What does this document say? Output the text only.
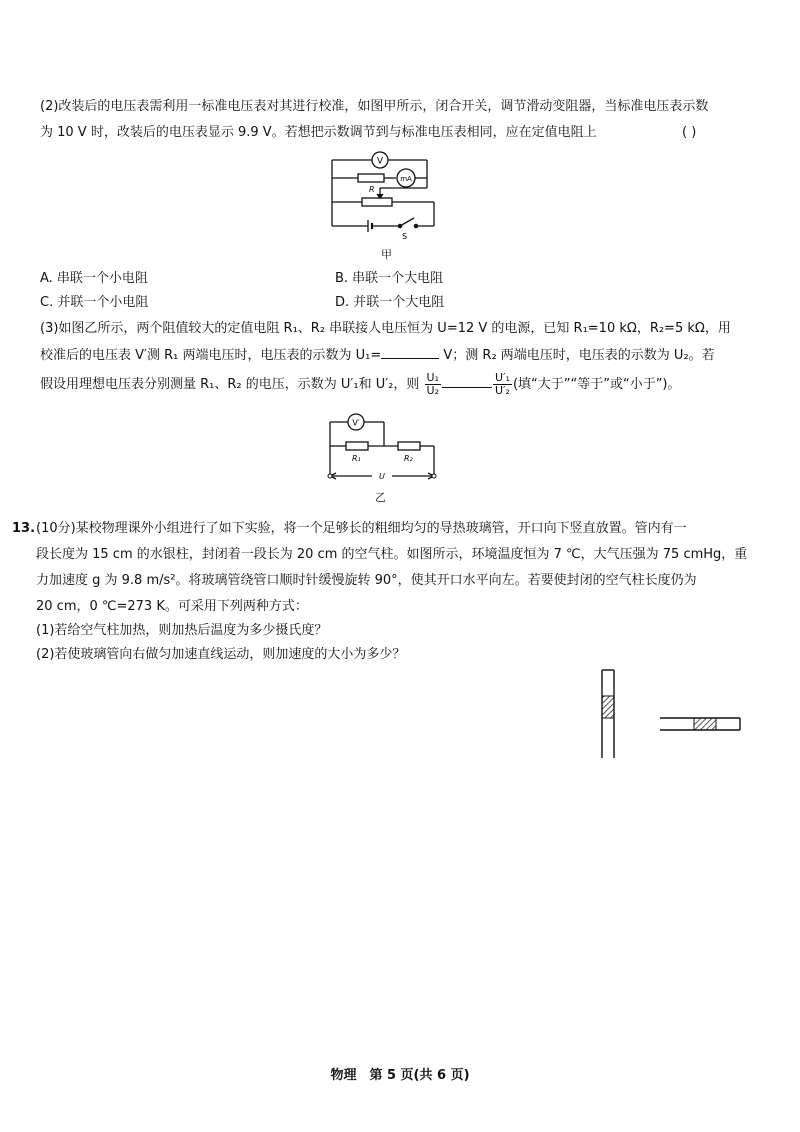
(2)改装后的电压表需利用一标准电压表对其进行校准，如图甲所示，闭合开关，调节滑动变阻器，当标准电压表示数
为 10 V 时，改装后的电压表显示 9.9 V。若想把示数调节到与标准电压表相同，应在定值电阻上	( )
V
mA
R
S
甲
A. 串联一个小电阻	B. 串联一个大电阻
C. 并联一个小电阻	D. 并联一个大电阻
(3)如图乙所示，两个阻值较大的定值电阻 R₁、R₂ 串联接人电压恒为 U=12 V 的电源，已知 R₁=10 kΩ，R₂=5 kΩ，用
校准后的电压表 V′测 R₁ 两端电压时，电压表的示数为 U₁=	V；测 R₂ 两端电压时，电压表的示数为 U₂。若
假设用理想电压表分别测量 R₁、R₂ 的电压，示数为 U′₁和 U′₂，则 $\frac{\text{U₁}}{\text{U₂}}$	$\frac{\text{U′₁}}{\text{U′₂}}$ (填“大于”“等于”或“小于”)。
V′
R₁	R₂
U
乙
13. (10分)某校物理课外小组进行了如下实验，将一个足够长的粗细均匀的导热玻璃管，开口向下竖直放置。管内有一
段长度为 15 cm 的水银柱，封闭着一段长为 20 cm 的空气柱。如图所示，环境温度恒为 7 ℃，大气压强为 75 cmHg，重
力加速度 g 为 9.8 m/s²。将玻璃管绕管口顺时针缓慢旋转 90°，使其开口水平向左。若要使封闭的空气柱长度仍为
20 cm，0 ℃=273 K。可采用下列两种方式：
(1)若给空气柱加热，则加热后温度为多少摄氏度？
(2)若使玻璃管向右做匀加速直线运动，则加速度的大小为多少？
物理　第 5 页(共 6 页)
